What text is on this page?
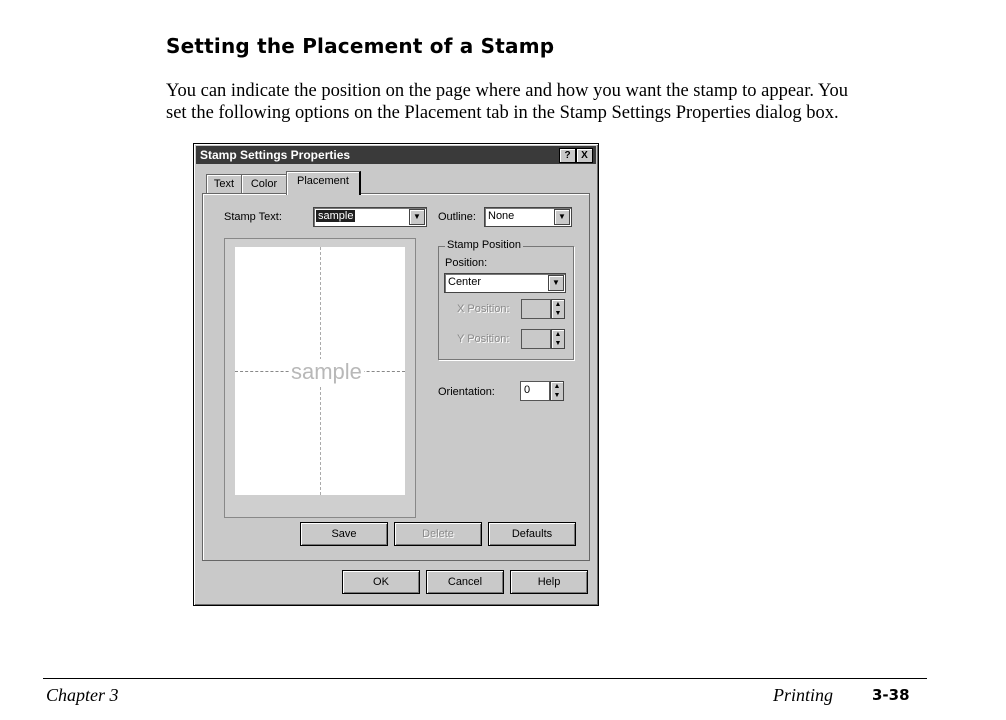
Setting the Placement of a Stamp

You can indicate the position on the page where and how you want the stamp to appear. You

set the following options on the Placement tab in the Stamp Settings Properties dialog box.

Stamp Settings Properties	?	X
Text	Color	Placement
Stamp Text:	sample	▼	Outline: None	▼
sample
Stamp Position
Position:
Center	▼
X Position:	▲
▼
Y Position:	▲
▼
Orientation:	0	▲
▼
Save	Delete	Defaults
OK	Cancel	Help
Chapter 3	Printing	3-38
